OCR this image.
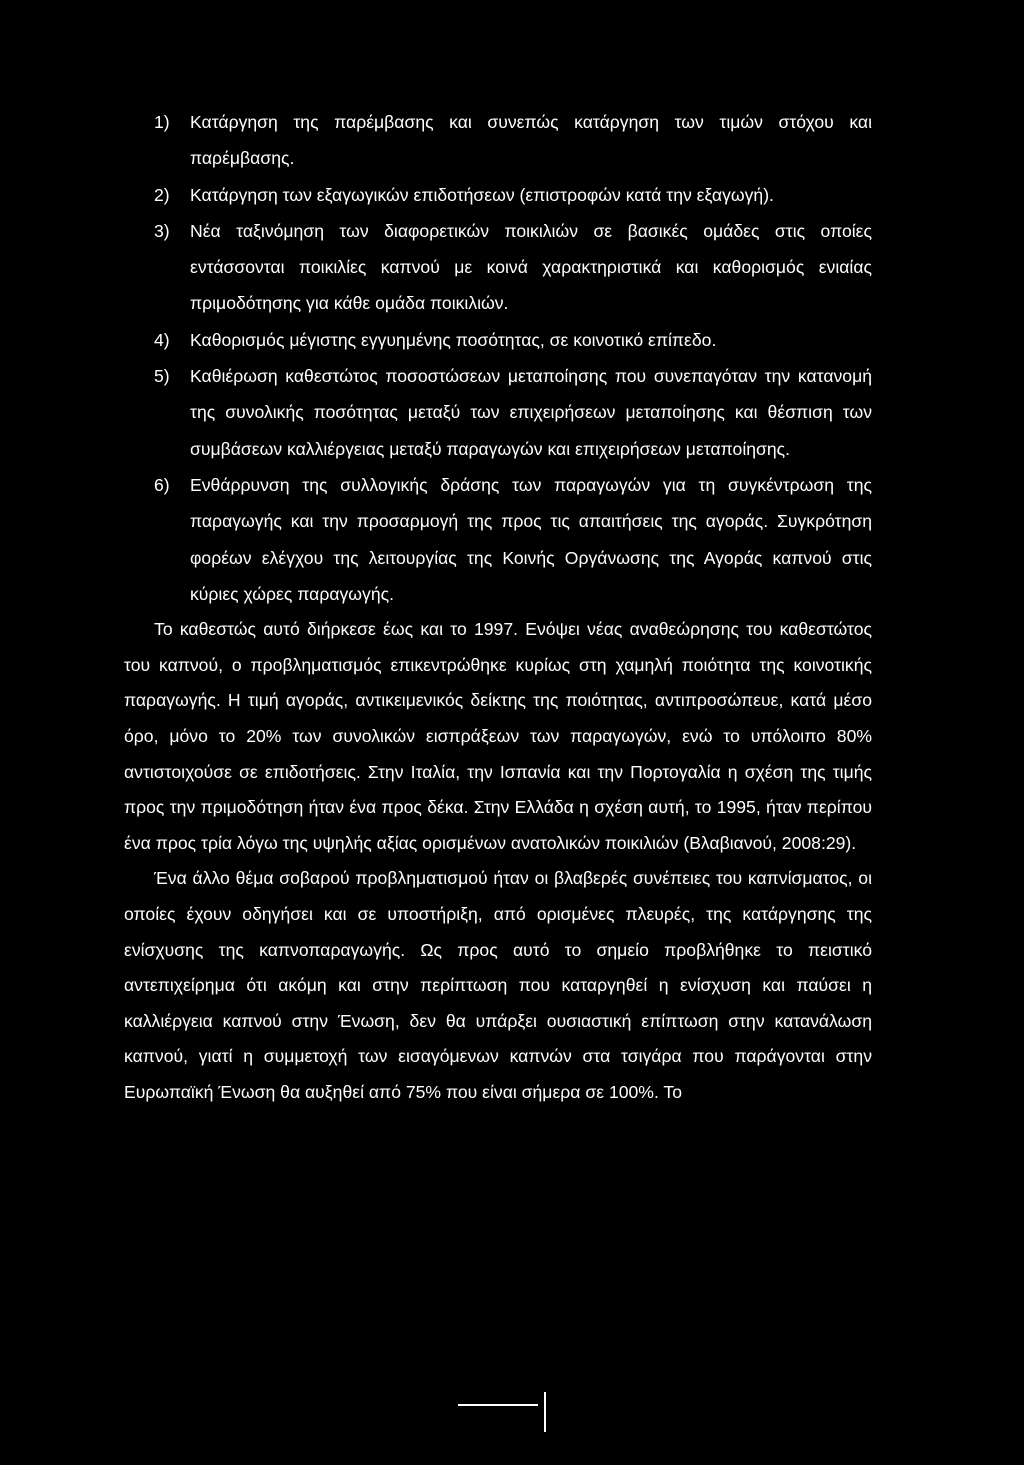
1)	Κατάργηση της παρέμβασης και συνεπώς κατάργηση των τιμών στόχου και παρέμβασης.
2)	Κατάργηση των εξαγωγικών επιδοτήσεων (επιστροφών κατά την εξαγωγή).
3)	Νέα ταξινόμηση των διαφορετικών ποικιλιών σε βασικές ομάδες στις οποίες εντάσσονται ποικιλίες καπνού με κοινά χαρακτηριστικά και καθορισμός ενιαίας πριμοδότησης για κάθε ομάδα ποικιλιών.
4)	Καθορισμός μέγιστης εγγυημένης ποσότητας, σε κοινοτικό επίπεδο.
5)	Καθιέρωση καθεστώτος ποσοστώσεων μεταποίησης που συνεπαγόταν την κατανομή της συνολικής ποσότητας μεταξύ των επιχειρήσεων μεταποίησης και θέσπιση των συμβάσεων καλλιέργειας μεταξύ παραγωγών και επιχειρήσεων μεταποίησης.
6)	Ενθάρρυνση της συλλογικής δράσης των παραγωγών για τη συγκέντρωση της παραγωγής και την προσαρμογή της προς τις απαιτήσεις της αγοράς. Συγκρότηση φορέων ελέγχου της λειτουργίας της Κοινής Οργάνωσης της Αγοράς καπνού στις κύριες χώρες παραγωγής.

Το καθεστώς αυτό διήρκεσε έως και το 1997. Ενόψει νέας αναθεώρησης του καθεστώτος του καπνού, ο προβληματισμός επικεντρώθηκε κυρίως στη χαμηλή ποιότητα της κοινοτικής παραγωγής. Η τιμή αγοράς, αντικειμενικός δείκτης της ποιότητας, αντιπροσώπευε, κατά μέσο όρο, μόνο το 20% των συνολικών εισπράξεων των παραγωγών, ενώ το υπόλοιπο 80% αντιστοιχούσε σε επιδοτήσεις. Στην Ιταλία, την Ισπανία και την Πορτογαλία η σχέση της τιμής προς την πριμοδότηση ήταν ένα προς δέκα. Στην Ελλάδα η σχέση αυτή, το 1995, ήταν περίπου ένα προς τρία λόγω της υψηλής αξίας ορισμένων ανατολικών ποικιλιών (Βλαβιανού, 2008:29).

Ένα άλλο θέμα σοβαρού προβληματισμού ήταν οι βλαβερές συνέπειες του καπνίσματος, οι οποίες έχουν οδηγήσει και σε υποστήριξη, από ορισμένες πλευρές, της κατάργησης της ενίσχυσης της καπνοπαραγωγής. Ως προς αυτό το σημείο προβλήθηκε το πειστικό αντεπιχείρημα ότι ακόμη και στην περίπτωση που καταργηθεί η ενίσχυση και παύσει η καλλιέργεια καπνού στην Ένωση, δεν θα υπάρξει ουσιαστική επίπτωση στην κατανάλωση καπνού, γιατί η συμμετοχή των εισαγόμενων καπνών στα τσιγάρα που παράγονται στην Ευρωπαϊκή Ένωση θα αυξηθεί από 75% που είναι σήμερα σε 100%. Το
